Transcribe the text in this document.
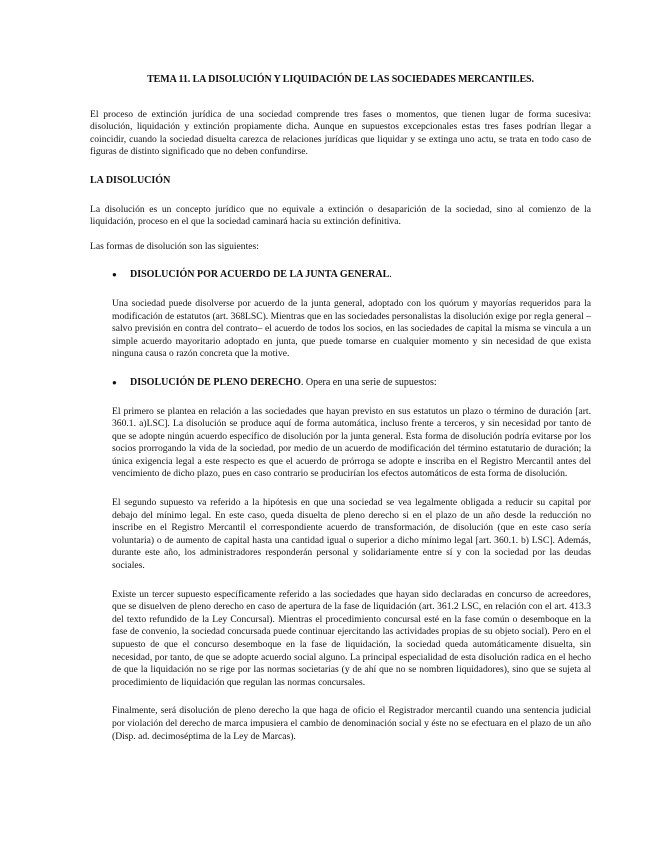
TEMA 11. LA DISOLUCIÓN Y LIQUIDACIÓN DE LAS SOCIEDADES MERCANTILES.

El proceso de extinción jurídica de una sociedad comprende tres fases o momentos, que tienen lugar de forma sucesiva: disolución, liquidación y extinción propiamente dicha. Aunque en supuestos excepcionales estas tres fases podrían llegar a coincidir, cuando la sociedad disuelta carezca de relaciones jurídicas que liquidar y se extinga uno actu, se trata en todo caso de figuras de distinto significado que no deben confundirse.

LA DISOLUCIÓN

La disolución es un concepto jurídico que no equivale a extinción o desaparición de la sociedad, sino al comienzo de la liquidación, proceso en el que la sociedad caminará hacia su extinción definitiva.

Las formas de disolución son las siguientes:

●	DISOLUCIÓN POR ACUERDO DE LA JUNTA GENERAL.

Una sociedad puede disolverse por acuerdo de la junta general, adoptado con los quórum y mayorías requeridos para la modificación de estatutos (art. 368LSC). Mientras que en las sociedades personalistas la disolución exige por regla general –salvo previsión en contra del contrato– el acuerdo de todos los socios, en las sociedades de capital la misma se vincula a un simple acuerdo mayoritario adoptado en junta, que puede tomarse en cualquier momento y sin necesidad de que exista ninguna causa o razón concreta que la motive.

●	DISOLUCIÓN DE PLENO DERECHO. Opera en una serie de supuestos:

El primero se plantea en relación a las sociedades que hayan previsto en sus estatutos un plazo o término de duración [art. 360.1. a)LSC]. La disolución se produce aquí de forma automática, incluso frente a terceros, y sin necesidad por tanto de que se adopte ningún acuerdo específico de disolución por la junta general. Esta forma de disolución podría evitarse por los socios prorrogando la vida de la sociedad, por medio de un acuerdo de modificación del término estatutario de duración; la única exigencia legal a este respecto es que el acuerdo de prórroga se adopte e inscriba en el Registro Mercantil antes del vencimiento de dicho plazo, pues en caso contrario se producirían los efectos automáticos de esta forma de disolución.

El segundo supuesto va referido a la hipótesis en que una sociedad se vea legalmente obligada a reducir su capital por debajo del mínimo legal. En este caso, queda disuelta de pleno derecho si en el plazo de un año desde la reducción no inscribe en el Registro Mercantil el correspondiente acuerdo de transformación, de disolución (que en este caso sería voluntaria) o de aumento de capital hasta una cantidad igual o superior a dicho mínimo legal [art. 360.1. b) LSC]. Además, durante este año, los administradores responderán personal y solidariamente entre sí y con la sociedad por las deudas sociales.

Existe un tercer supuesto específicamente referido a las sociedades que hayan sido declaradas en concurso de acreedores, que se disuelven de pleno derecho en caso de apertura de la fase de liquidación (art. 361.2 LSC, en relación con el art. 413.3 del texto refundido de la Ley Concursal). Mientras el procedimiento concursal esté en la fase común o desemboque en la fase de convenio, la sociedad concursada puede continuar ejercitando las actividades propias de su objeto social). Pero en el supuesto de que el concurso desemboque en la fase de liquidación, la sociedad queda automáticamente disuelta, sin necesidad, por tanto, de que se adopte acuerdo social alguno. La principal especialidad de esta disolución radica en el hecho de que la liquidación no se rige por las normas societarias (y de ahí que no se nombren liquidadores), sino que se sujeta al procedimiento de liquidación que regulan las normas concursales.

Finalmente, será disolución de pleno derecho la que haga de oficio el Registrador mercantil cuando una sentencia judicial por violación del derecho de marca impusiera el cambio de denominación social y éste no se efectuara en el plazo de un año (Disp. ad. decimoséptima de la Ley de Marcas).
